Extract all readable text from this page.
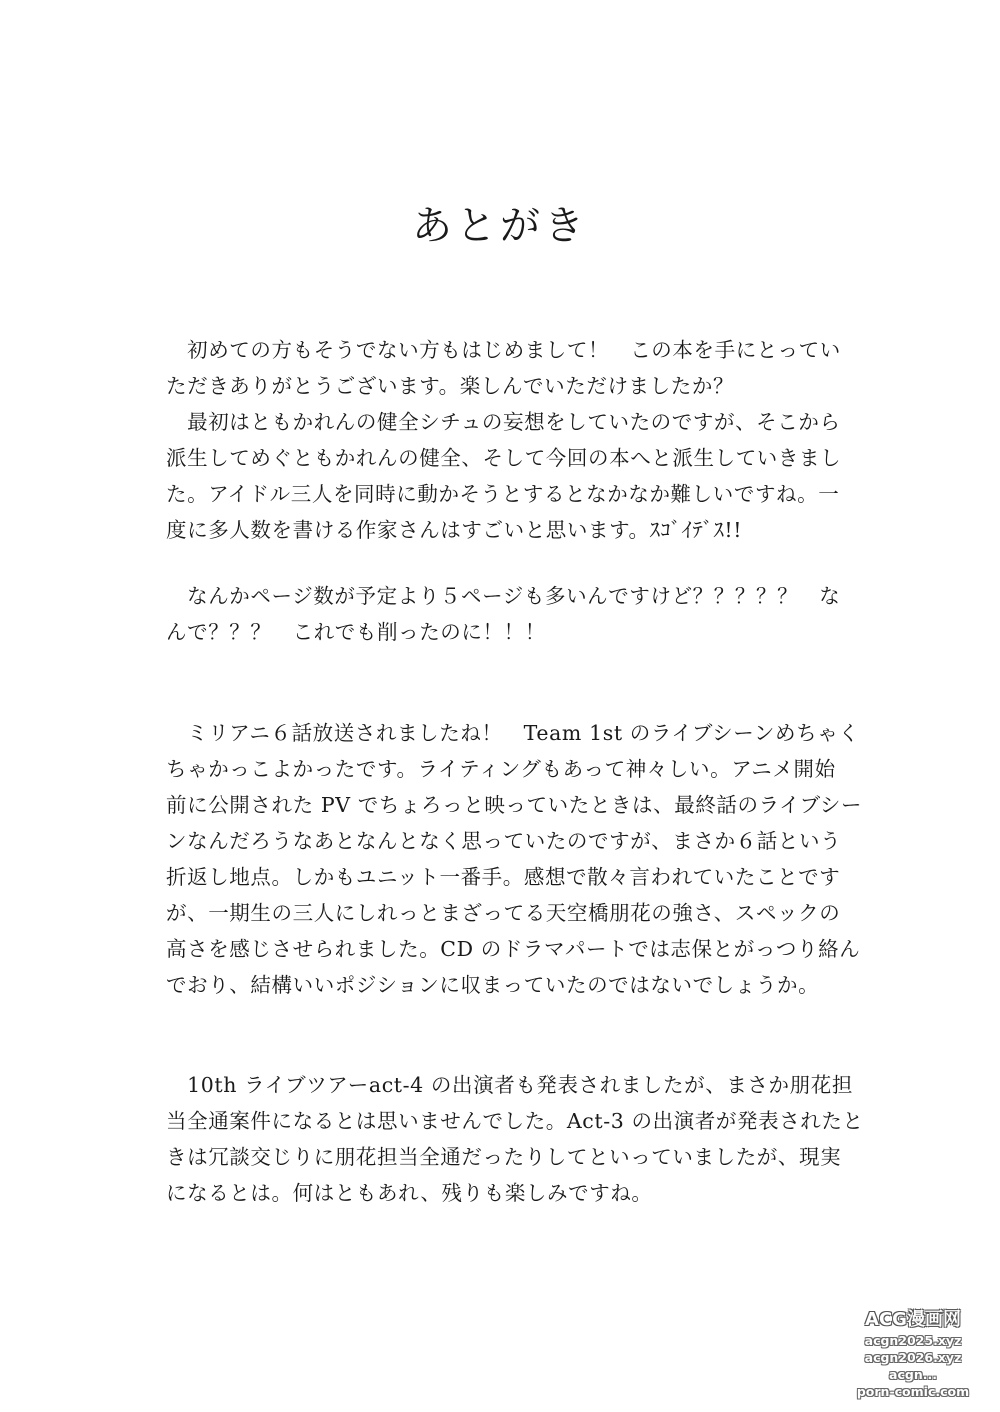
あとがき
　初めての方もそうでない方もはじめまして！　この本を手にとってい
ただきありがとうございます。楽しんでいただけましたか？
　最初はともかれんの健全シチュの妄想をしていたのですが、そこから
派生してめぐともかれんの健全、そして今回の本へと派生していきまし
た。アイドル三人を同時に動かそうとするとなかなか難しいですね。一
度に多人数を書ける作家さんはすごいと思います。ｽｺﾞｲﾃﾞｽ!!
　なんかページ数が予定より５ページも多いんですけど？？？？？　な
んで？？？　これでも削ったのに！！！
　ミリアニ６話放送されましたね！　Team 1st のライブシーンめちゃく
ちゃかっこよかったです。ライティングもあって神々しい。アニメ開始
前に公開された PV でちょろっと映っていたときは、最終話のライブシー
ンなんだろうなあとなんとなく思っていたのですが、まさか６話という
折返し地点。しかもユニット一番手。感想で散々言われていたことです
が、一期生の三人にしれっとまざってる天空橋朋花の強さ、スペックの
高さを感じさせられました。CD のドラマパートでは志保とがっつり絡ん
でおり、結構いいポジションに収まっていたのではないでしょうか。
　10th ライブツアーact-4 の出演者も発表されましたが、まさか朋花担
当全通案件になるとは思いませんでした。Act-3 の出演者が発表されたと
きは冗談交じりに朋花担当全通だったりしてといっていましたが、現実
になるとは。何はともあれ、残りも楽しみですね。
ACG漫画网
acgn2025.xyz
acgn2026.xyz
acgn...
porn-comic.com
